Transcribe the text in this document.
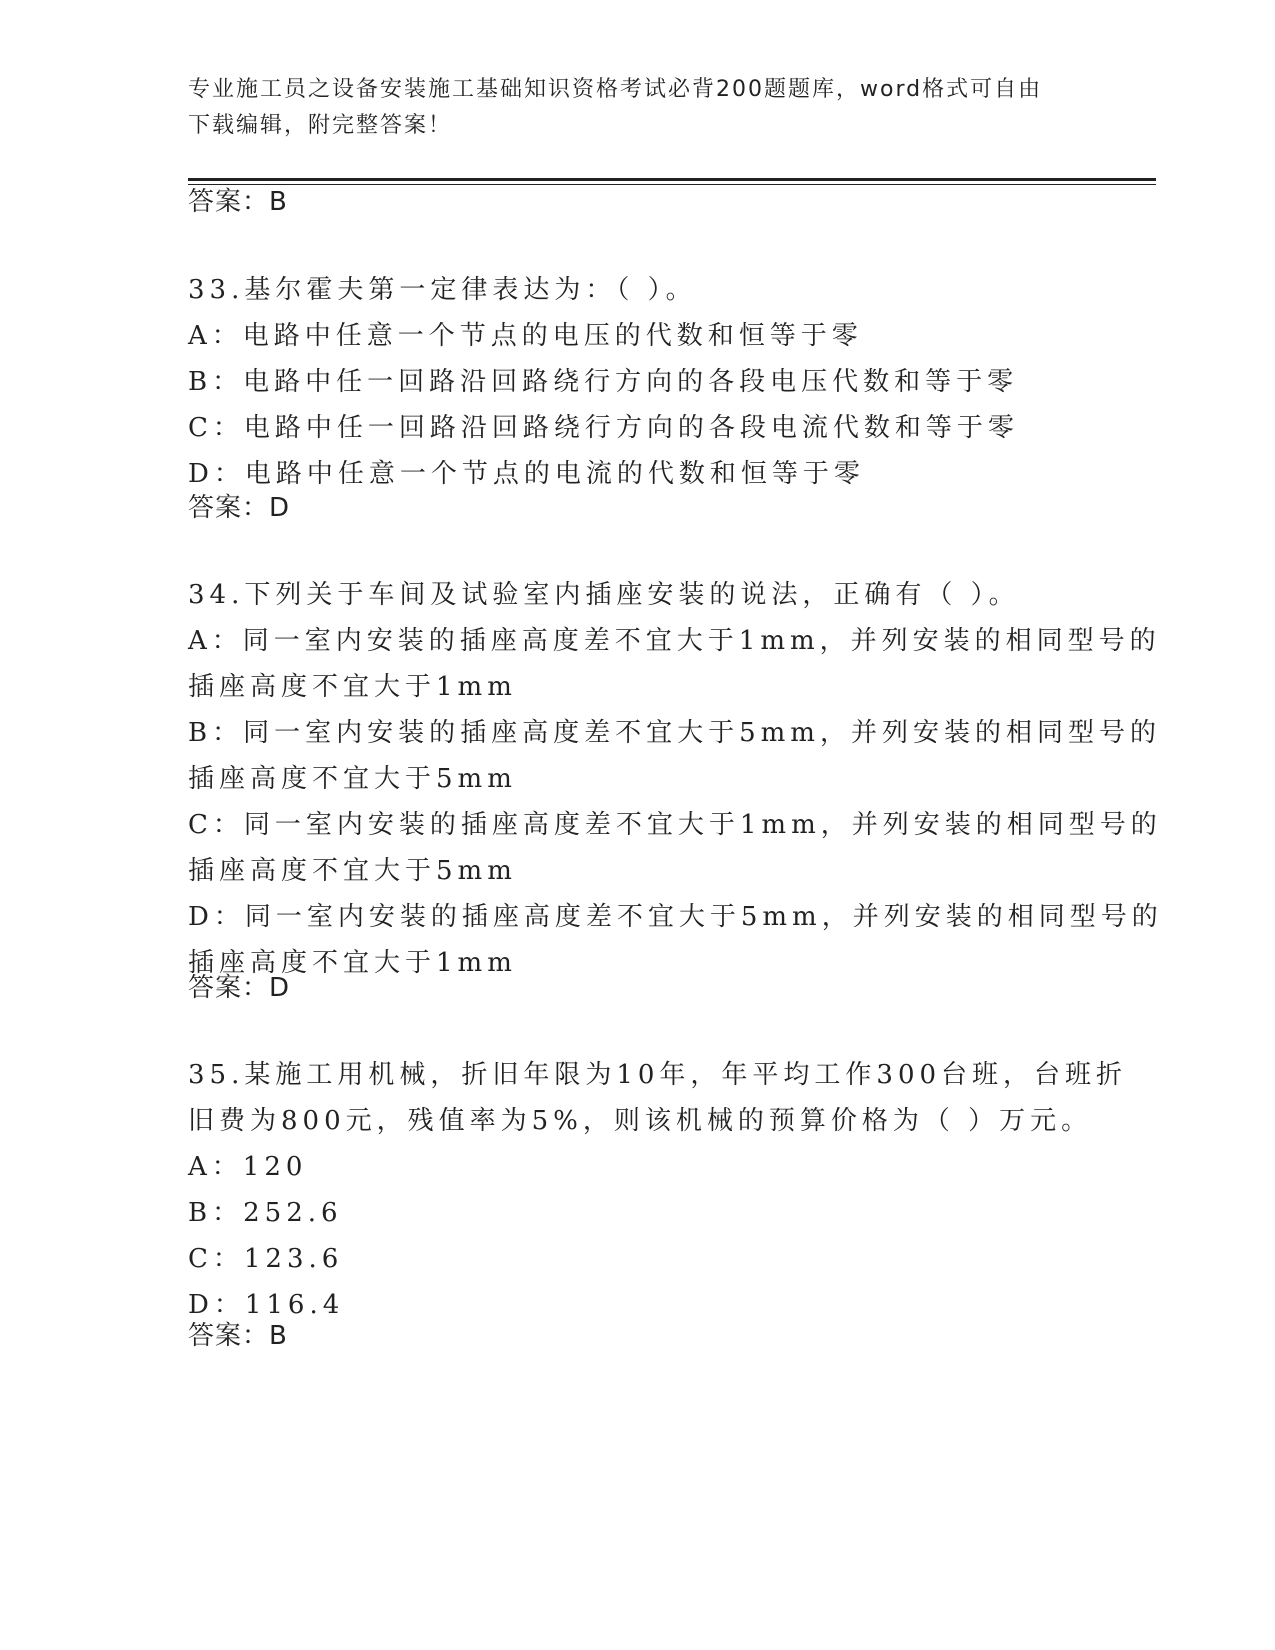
专业施工员之设备安装施工基础知识资格考试必背200题题库，word格式可自由
下载编辑，附完整答案！
答案：B
33.基尔霍夫第一定律表达为：（ ）。
A：电路中任意一个节点的电压的代数和恒等于零
B：电路中任一回路沿回路绕行方向的各段电压代数和等于零
C：电路中任一回路沿回路绕行方向的各段电流代数和等于零
D：电路中任意一个节点的电流的代数和恒等于零
答案：D
34.下列关于车间及试验室内插座安装的说法，正确有（ ）。
A：同一室内安装的插座高度差不宜大于1mm，并列安装的相同型号的
插座高度不宜大于1mm
B：同一室内安装的插座高度差不宜大于5mm，并列安装的相同型号的
插座高度不宜大于5mm
C：同一室内安装的插座高度差不宜大于1mm，并列安装的相同型号的
插座高度不宜大于5mm
D：同一室内安装的插座高度差不宜大于5mm，并列安装的相同型号的
插座高度不宜大于1mm
答案：D
35.某施工用机械，折旧年限为10年，年平均工作300台班，台班折
旧费为800元，残值率为5%，则该机械的预算价格为（ ）万元。
A：120
B：252.6
C：123.6
D：116.4
答案：B
